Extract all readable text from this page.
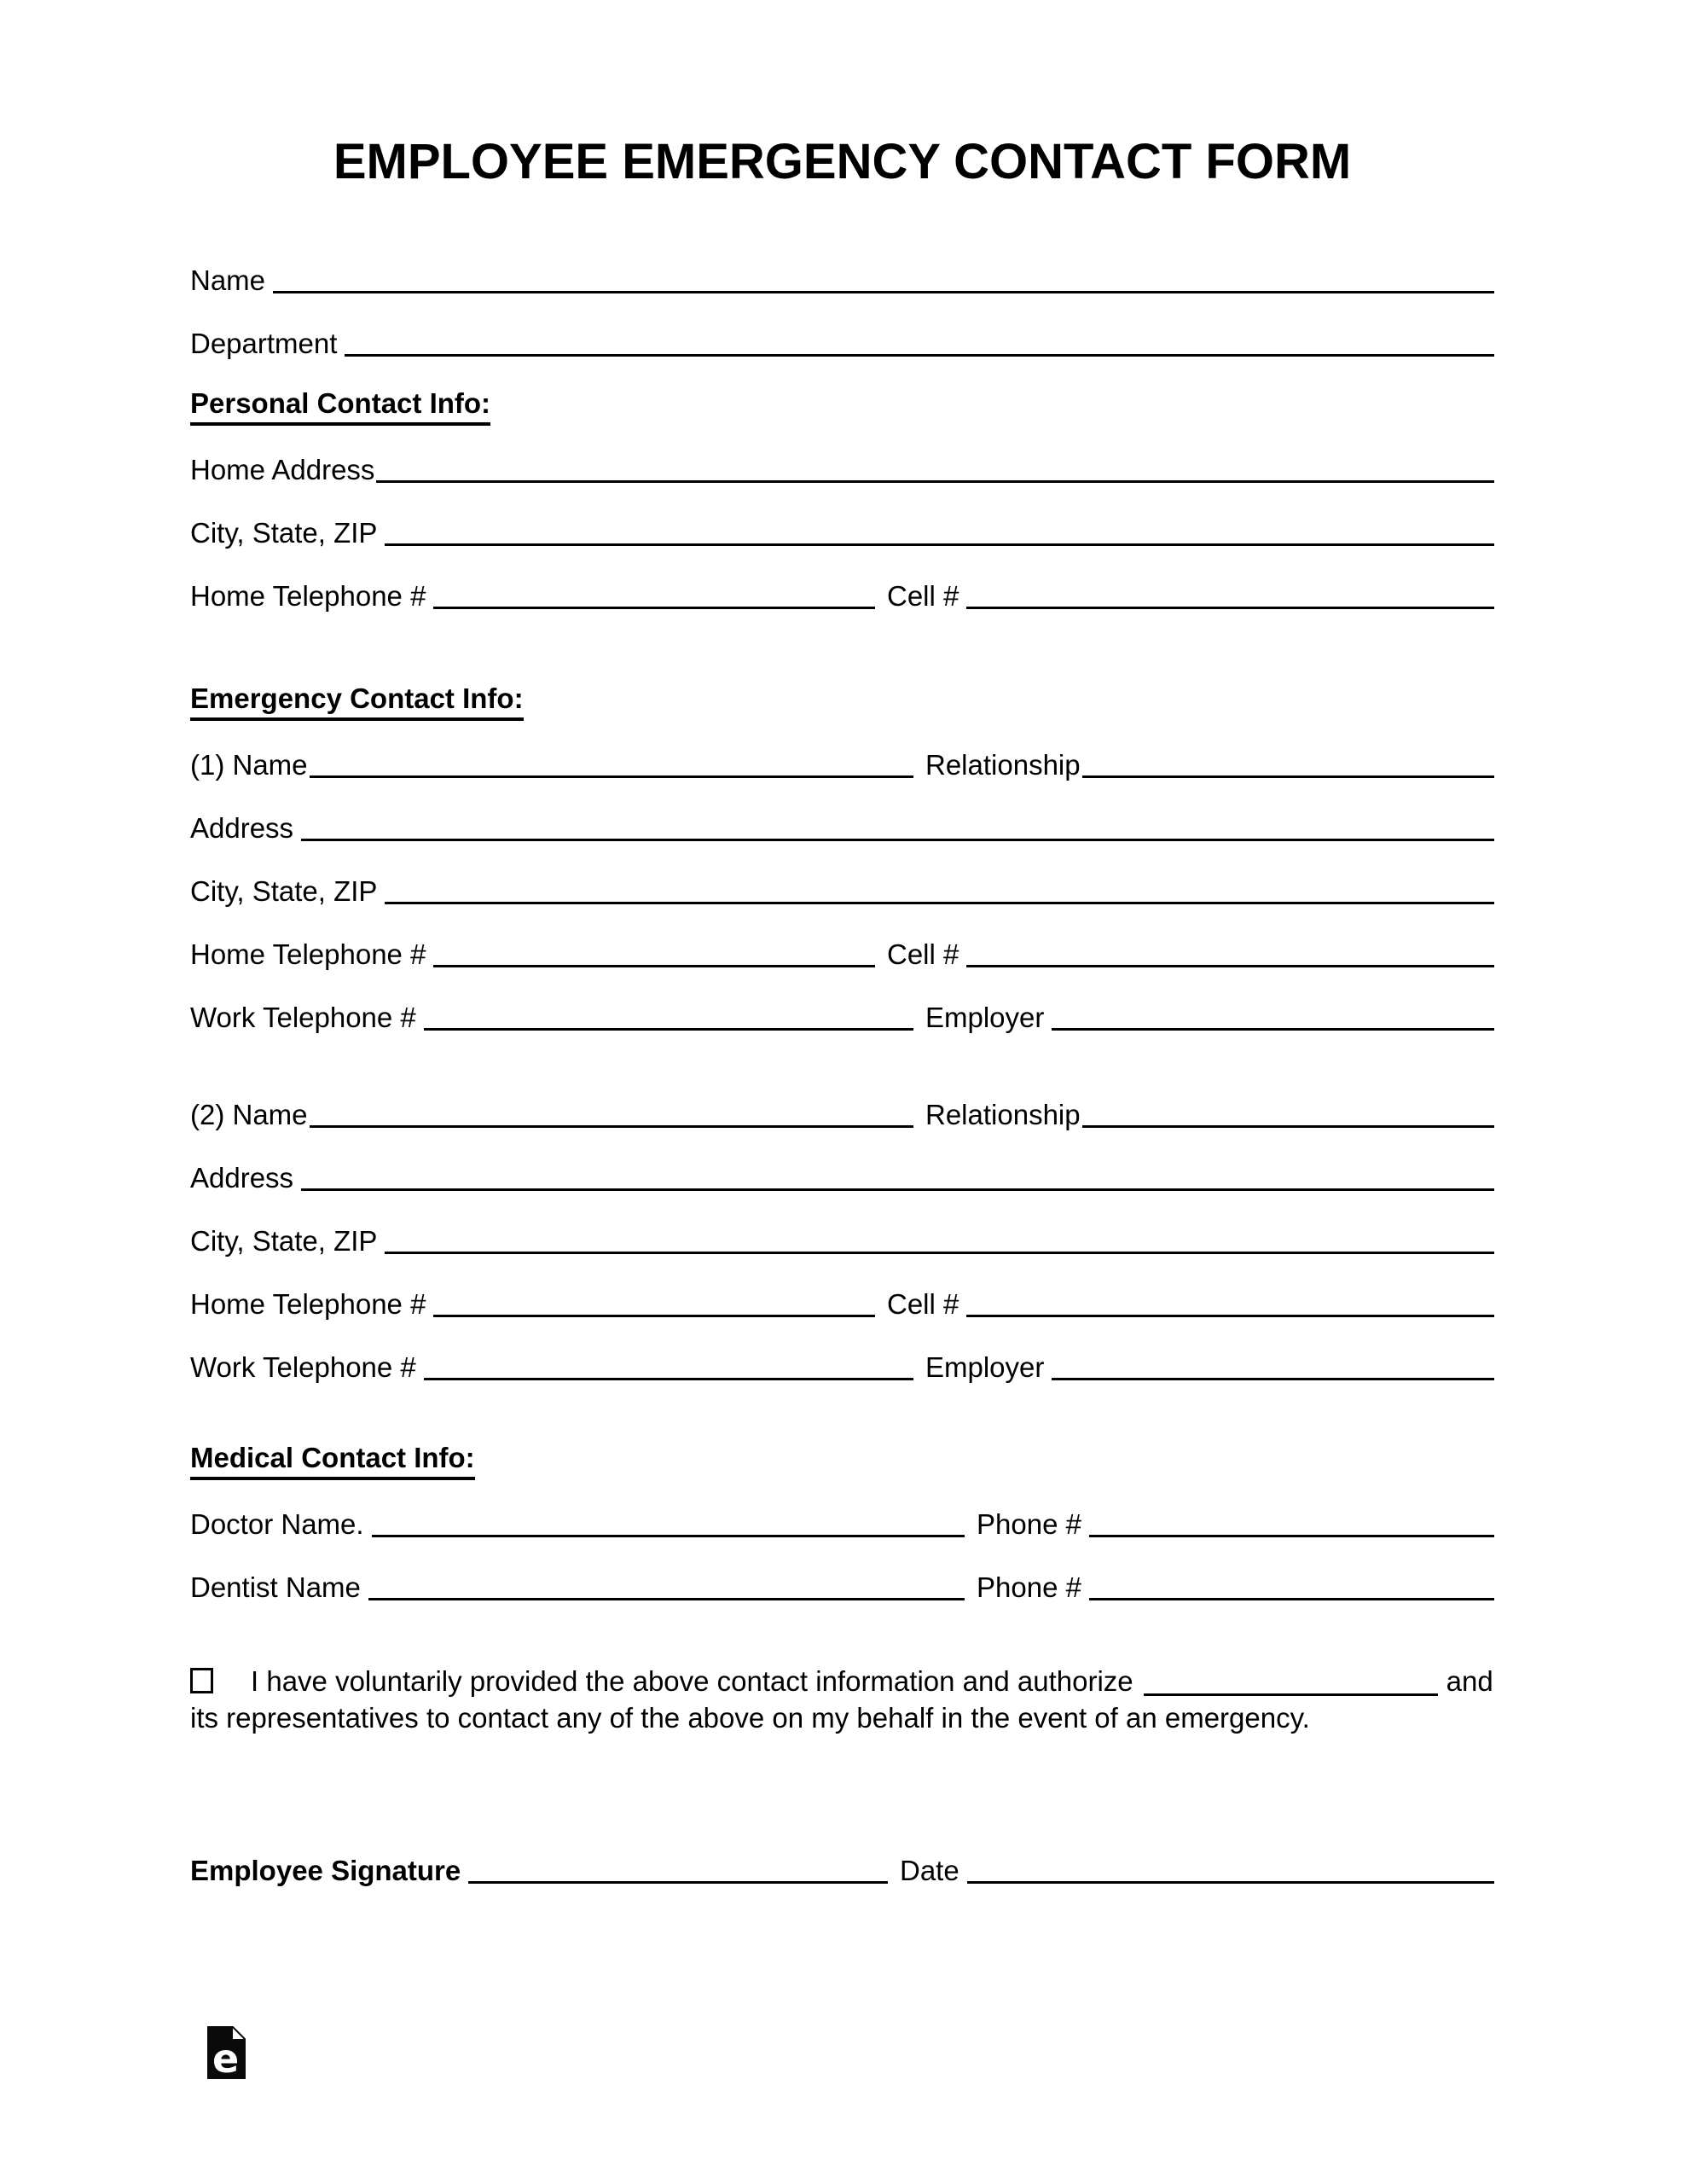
EMPLOYEE EMERGENCY CONTACT FORM
Name
Department
Personal Contact Info:
Home Address
City, State, ZIP
Home Telephone #	Cell #
Emergency Contact Info:
(1) Name	Relationship
Address
City, State, ZIP
Home Telephone #	Cell #
Work Telephone #	Employer
(2) Name	Relationship
Address
City, State, ZIP
Home Telephone #	Cell #
Work Telephone #	Employer
Medical Contact Info:
Doctor Name.	Phone #
Dentist Name	Phone #
I have voluntarily provided the above contact information and authorize	and its representatives to contact any of the above on my behalf in the event of an emergency.
Employee Signature	Date
e
